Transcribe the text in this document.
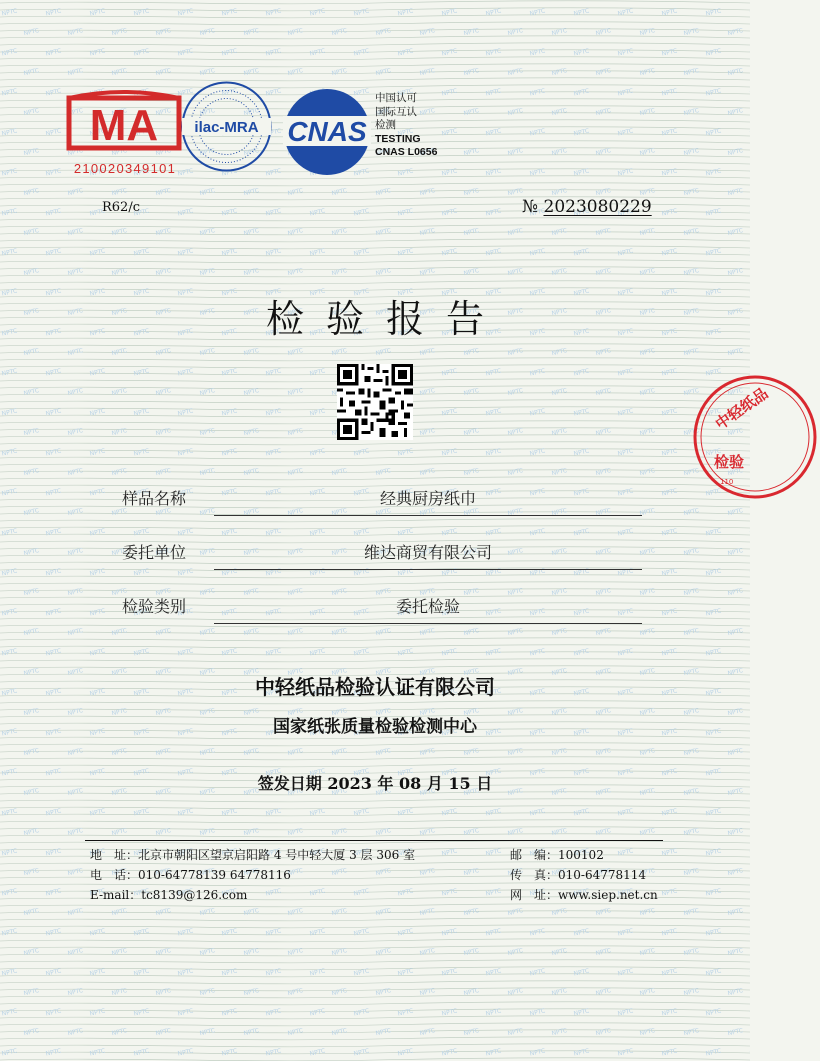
MA
210020349101
R62/c
ilac-MRA CNAS
中国认可
国际互认
检测
TESTING
CNAS L0656
№ 2023080229
检验报告
样品名称	经典厨房纸巾
委托单位	维达商贸有限公司
检验类别	委托检验
中轻纸品检验认证有限公司
国家纸张质量检验检测中心
签发日期 2023 年 08 月 15 日
地　址：北京市朝阳区望京启阳路 4 号中轻大厦 3 层 306 室
电　话：010-64778139 64778116
E-mail：tc8139@126.com
邮　编：100102
传　真：010-64778114
网　址：www.siep.net.cn
中轻纸品
检验
110
